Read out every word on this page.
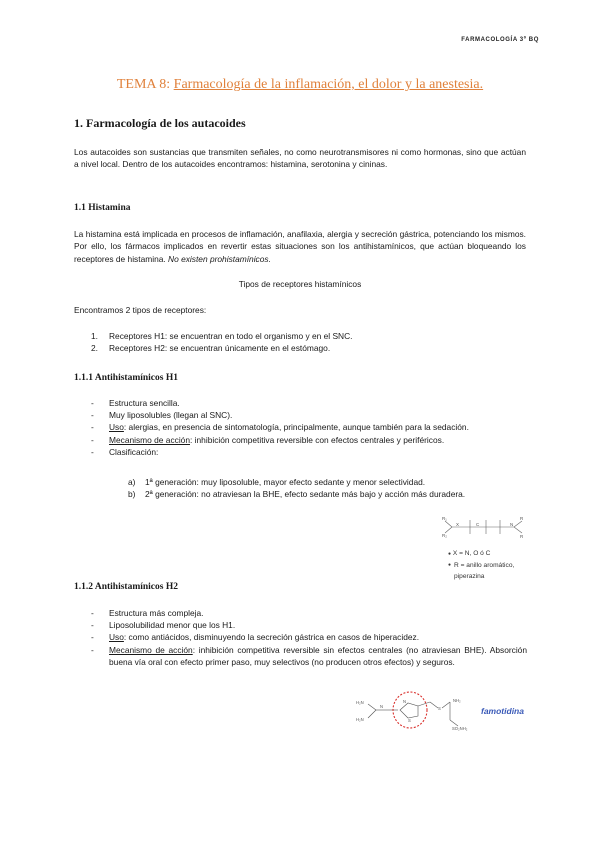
FARMACOLOGÍA 3º BQ
TEMA 8: Farmacología de la inflamación, el dolor y la anestesia.
1. Farmacología de los autacoides
Los autacoides son sustancias que transmiten señales, no como neurotransmisores ni como hormonas, sino que actúan a nivel local. Dentro de los autacoides encontramos: histamina, serotonina y cininas.
1.1 Histamina
La histamina está implicada en procesos de inflamación, anafilaxia, alergia y secreción gástrica, potenciando los mismos. Por ello, los fármacos implicados en revertir estas situaciones son los antihistamínicos, que actúan bloqueando los receptores de histamina. No existen prohistamínicos.
Tipos de receptores histamínicos
Encontramos 2 tipos de receptores:
1. Receptores H1: se encuentran en todo el organismo y en el SNC.
2. Receptores H2: se encuentran únicamente en el estómago.
1.1.1 Antihistamínicos H1
- Estructura sencilla.
- Muy liposolubles (llegan al SNC).
- Uso: alergias, en presencia de sintomatología, principalmente, aunque también para la sedación.
- Mecanismo de acción: inhibición competitiva reversible con efectos centrales y periféricos.
- Clasificación:
a) 1ª generación: muy liposoluble, mayor efecto sedante y menor selectividad.
b) 2ª generación: no atraviesan la BHE, efecto sedante más bajo y acción más duradera.
R₁
R₂
X	C	N
R
R
● X = N, O ó C
● R = anillo aromático, piperazina
1.1.2 Antihistamínicos H2
- Estructura más compleja.
- Liposolubilidad menor que los H1.
- Uso: como antiácidos, disminuyendo la secreción gástrica en casos de hiperacidez.
- Mecanismo de acción: inhibición competitiva reversible sin efectos centrales (no atraviesan BHE). Absorción buena vía oral con efecto primer paso, muy selectivos (no producen otros efectos) y seguros.
H₂N
H₂N
N
N
S
S
NH₂
SO₂NH₂
famotidina
